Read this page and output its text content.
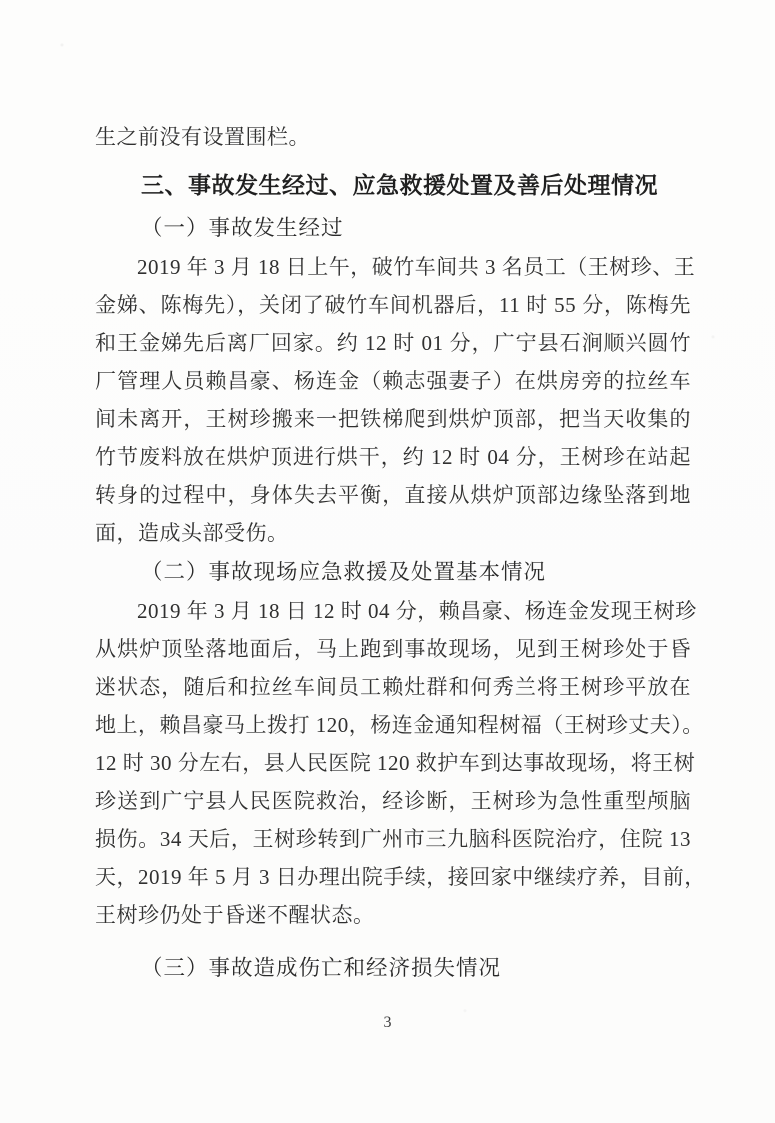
生之前没有设置围栏。
三、事故发生经过、应急救援处置及善后处理情况
（一）事故发生经过
2019 年 3 月 18 日上午，破竹车间共 3 名员工（王树珍、王
金娣、陈梅先），关闭了破竹车间机器后，11 时 55 分，陈梅先
和王金娣先后离厂回家。约 12 时 01 分，广宁县石涧顺兴圆竹
厂管理人员赖昌豪、杨连金（赖志强妻子）在烘房旁的拉丝车
间未离开，王树珍搬来一把铁梯爬到烘炉顶部，把当天收集的
竹节废料放在烘炉顶进行烘干，约 12 时 04 分，王树珍在站起
转身的过程中，身体失去平衡，直接从烘炉顶部边缘坠落到地
面，造成头部受伤。
（二）事故现场应急救援及处置基本情况
2019 年 3 月 18 日 12 时 04 分，赖昌豪、杨连金发现王树珍
从烘炉顶坠落地面后，马上跑到事故现场，见到王树珍处于昏
迷状态，随后和拉丝车间员工赖灶群和何秀兰将王树珍平放在
地上，赖昌豪马上拨打 120，杨连金通知程树福（王树珍丈夫）。
12 时 30 分左右，县人民医院 120 救护车到达事故现场，将王树
珍送到广宁县人民医院救治，经诊断，王树珍为急性重型颅脑
损伤。34 天后，王树珍转到广州市三九脑科医院治疗，住院 13
天，2019 年 5 月 3 日办理出院手续，接回家中继续疗养，目前，
王树珍仍处于昏迷不醒状态。
（三）事故造成伤亡和经济损失情况
3
